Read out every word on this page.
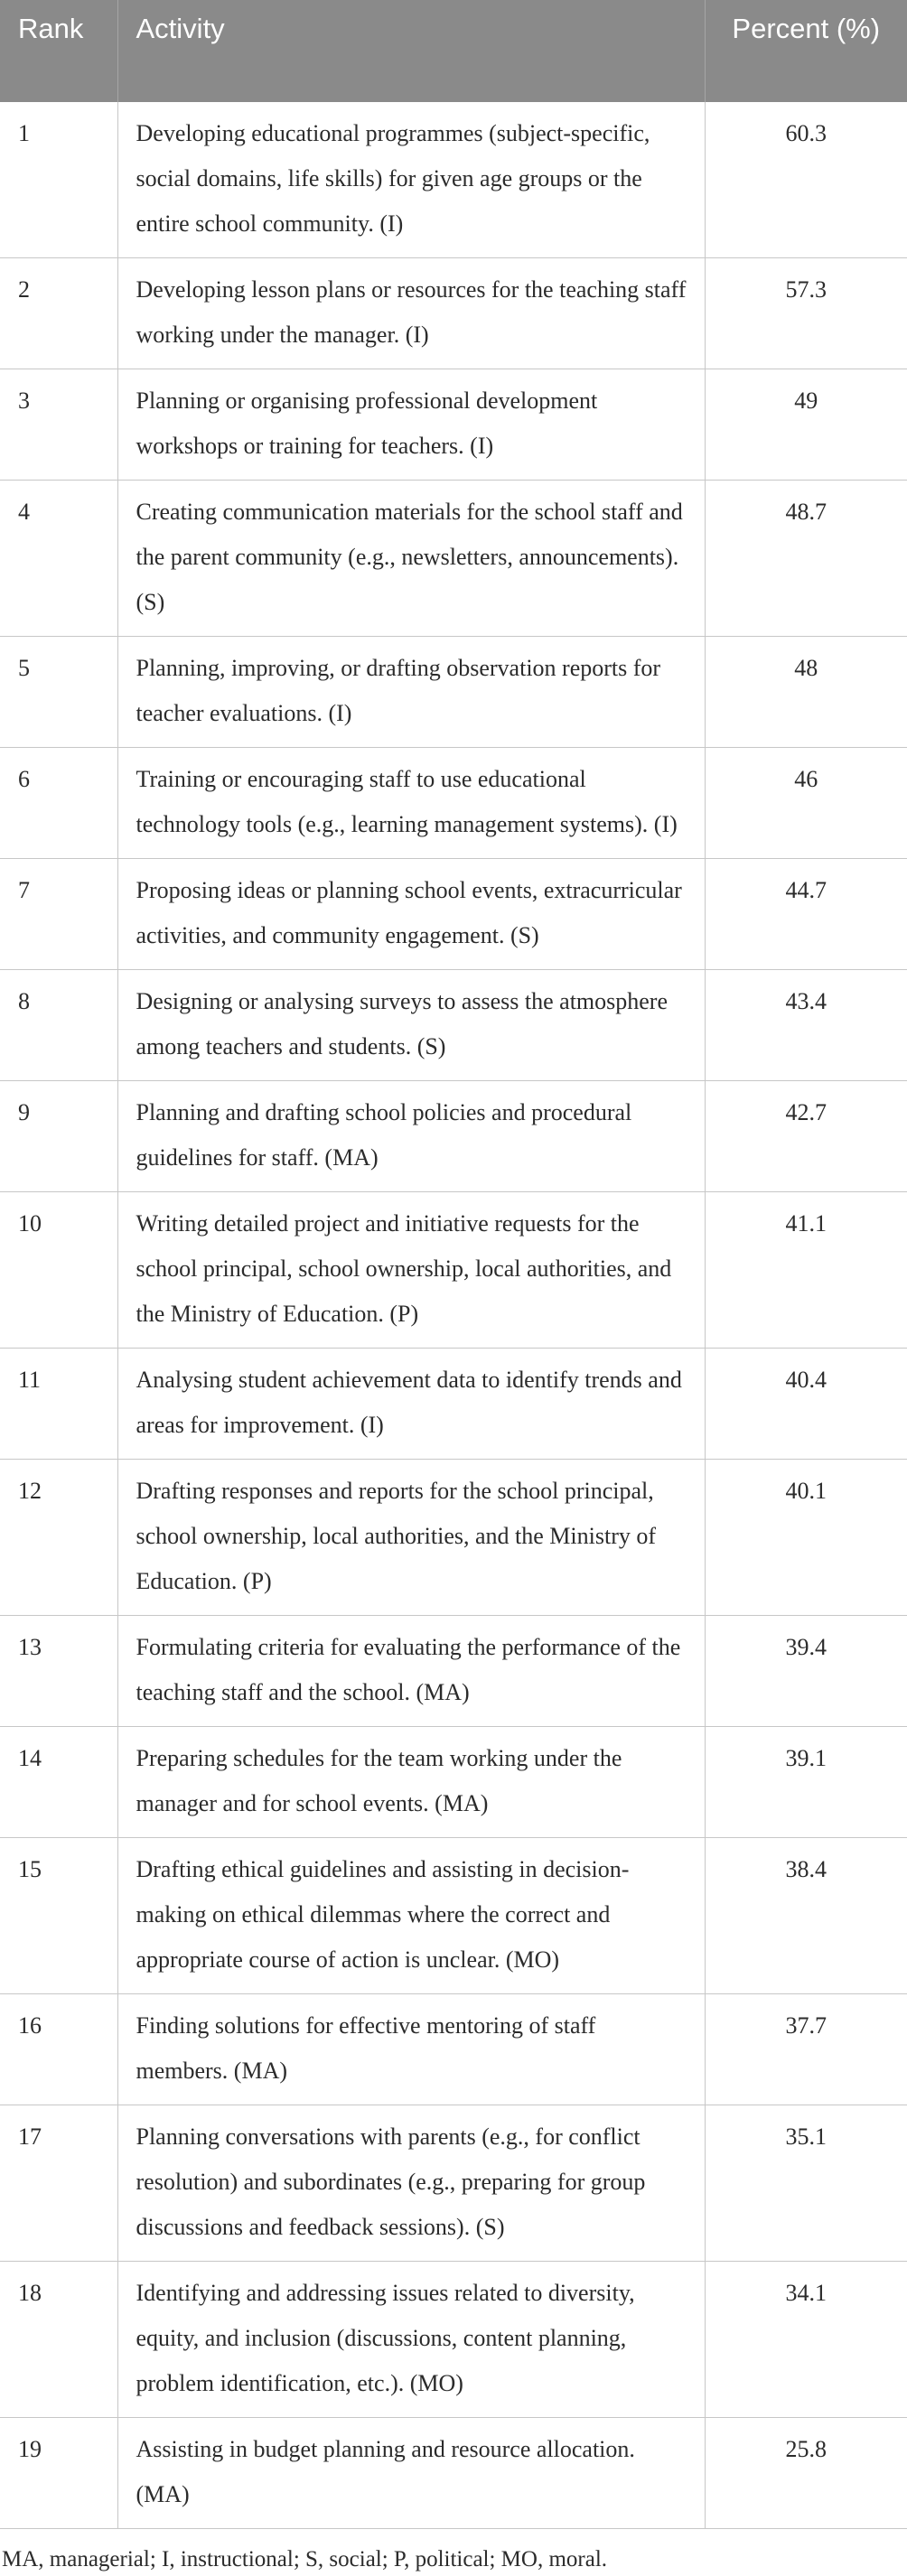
Rank	Activity	Percent (%)
1	Developing educational programmes (subject-specific, social domains, life skills) for given age groups or the entire school community. (I)	60.3
2	Developing lesson plans or resources for the teaching staff working under the manager. (I)	57.3
3	Planning or organising professional development workshops or training for teachers. (I)	49
4	Creating communication materials for the school staff and the parent community (e.g., newsletters, announcements). (S)	48.7
5	Planning, improving, or drafting observation reports for teacher evaluations. (I)	48
6	Training or encouraging staff to use educational technology tools (e.g., learning management systems). (I)	46
7	Proposing ideas or planning school events, extracurricular activities, and community engagement. (S)	44.7
8	Designing or analysing surveys to assess the atmosphere among teachers and students. (S)	43.4
9	Planning and drafting school policies and procedural guidelines for staff. (MA)	42.7
10	Writing detailed project and initiative requests for the school principal, school ownership, local authorities, and the Ministry of Education. (P)	41.1
11	Analysing student achievement data to identify trends and areas for improvement. (I)	40.4
12	Drafting responses and reports for the school principal, school ownership, local authorities, and the Ministry of Education. (P)	40.1
13	Formulating criteria for evaluating the performance of the teaching staff and the school. (MA)	39.4
14	Preparing schedules for the team working under the manager and for school events. (MA)	39.1
15	Drafting ethical guidelines and assisting in decision-making on ethical dilemmas where the correct and appropriate course of action is unclear. (MO)	38.4
16	Finding solutions for effective mentoring of staff members. (MA)	37.7
17	Planning conversations with parents (e.g., for conflict resolution) and subordinates (e.g., preparing for group discussions and feedback sessions). (S)	35.1
18	Identifying and addressing issues related to diversity, equity, and inclusion (discussions, content planning, problem identification, etc.). (MO)	34.1
19	Assisting in budget planning and resource allocation. (MA)	25.8
MA, managerial; I, instructional; S, social; P, political; MO, moral.
